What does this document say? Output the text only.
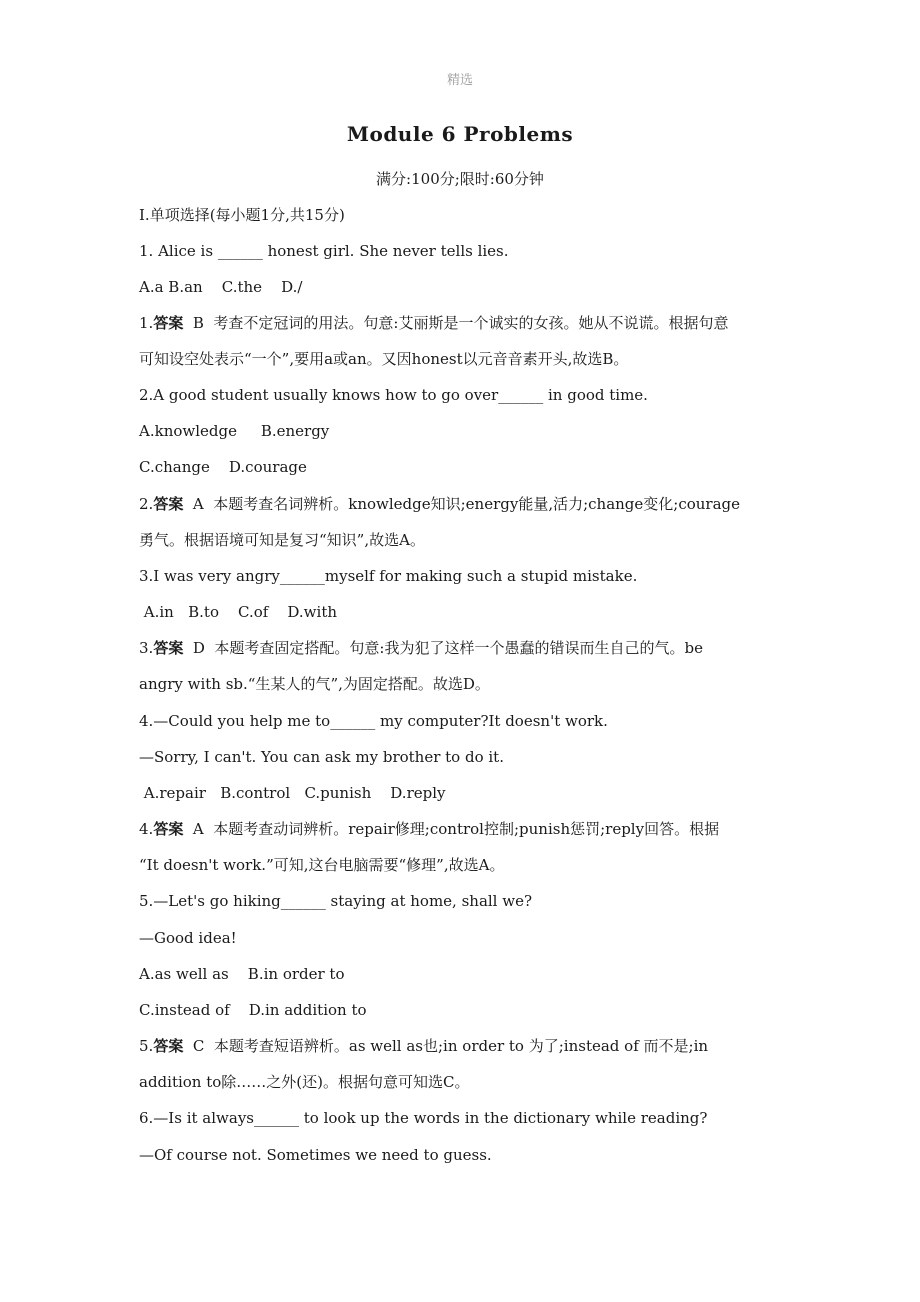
精选
Module 6 Problems
满分:100分;限时:60分钟
Ⅰ.单项选择(每小题1分,共15分)
1. Alice is ______ honest girl. She never tells lies.
A.a B.an    C.the    D./
1.答案  B  考查不定冠词的用法。句意:艾丽斯是一个诚实的女孩。她从不说谎。根据句意
可知设空处表示“一个”,要用a或an。又因honest以元音音素开头,故选B。
2.A good student usually knows how to go over______ in good time.
A.knowledge     B.energy
C.change    D.courage
2.答案  A  本题考查名词辨析。knowledge知识;energy能量,活力;change变化;courage
勇气。根据语境可知是复习“知识”,故选A。
3.I was very angry______myself for making such a stupid mistake.
A.in   B.to    C.of    D.with
3.答案  D  本题考查固定搭配。句意:我为犯了这样一个愚蠢的错误而生自己的气。be
angry with sb.“生某人的气”,为固定搭配。故选D。
4.—Could you help me to______ my computer?It doesn't work.
—Sorry, I can't. You can ask my brother to do it.
A.repair   B.control   C.punish    D.reply
4.答案  A  本题考查动词辨析。repair修理;control控制;punish惩罚;reply回答。根据
“It doesn't work.”可知,这台电脑需要“修理”,故选A。
5.—Let's go hiking______ staying at home, shall we?
—Good idea!
A.as well as    B.in order to
C.instead of    D.in addition to
5.答案  C  本题考查短语辨析。as well as也;in order to 为了;instead of 而不是;in
addition to除……之外(还)。根据句意可知选C。
6.—Is it always______ to look up the words in the dictionary while reading?
—Of course not. Sometimes we need to guess.
